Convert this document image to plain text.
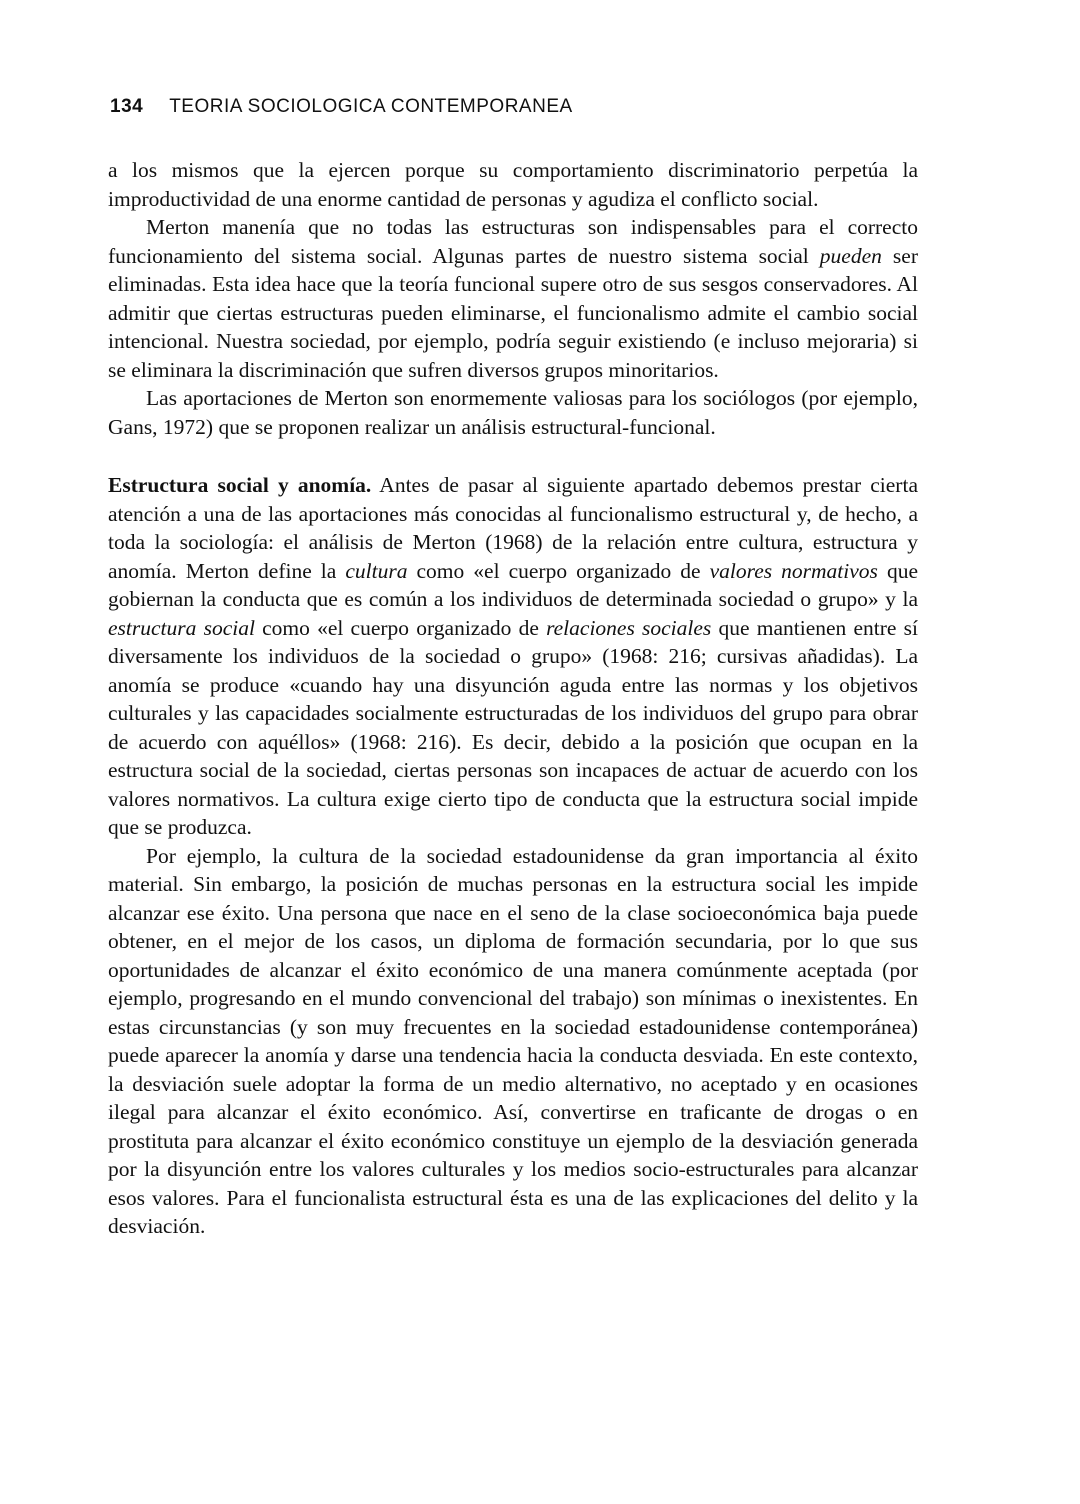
134 TEORIA SOCIOLOGICA CONTEMPORANEA

a los mismos que la ejercen porque su comportamiento discriminatorio perpetúa la improductividad de una enorme cantidad de personas y agudiza el conflicto social.

Merton manenía que no todas las estructuras son indispensables para el correcto funcionamiento del sistema social. Algunas partes de nuestro sistema social pueden ser eliminadas. Esta idea hace que la teoría funcional supere otro de sus sesgos conservadores. Al admitir que ciertas estructuras pueden eliminarse, el funcionalismo admite el cambio social intencional. Nuestra sociedad, por ejemplo, podría seguir existiendo (e incluso mejoraria) si se eliminara la discriminación que sufren diversos grupos minoritarios.

Las aportaciones de Merton son enormemente valiosas para los sociólogos (por ejemplo, Gans, 1972) que se proponen realizar un análisis estructural-funcional.

Estructura social y anomía. Antes de pasar al siguiente apartado debemos prestar cierta atención a una de las aportaciones más conocidas al funcionalismo estructural y, de hecho, a toda la sociología: el análisis de Merton (1968) de la relación entre cultura, estructura y anomía. Merton define la cultura como «el cuerpo organizado de valores normativos que gobiernan la conducta que es común a los individuos de determinada sociedad o grupo» y la estructura social como «el cuerpo organizado de relaciones sociales que mantienen entre sí diversamente los individuos de la sociedad o grupo» (1968: 216; cursivas añadidas). La anomía se produce «cuando hay una disyunción aguda entre las normas y los objetivos culturales y las capacidades socialmente estructuradas de los individuos del grupo para obrar de acuerdo con aquéllos» (1968: 216). Es decir, debido a la posición que ocupan en la estructura social de la sociedad, ciertas personas son incapaces de actuar de acuerdo con los valores normativos. La cultura exige cierto tipo de conducta que la estructura social impide que se produzca.

Por ejemplo, la cultura de la sociedad estadounidense da gran importancia al éxito material. Sin embargo, la posición de muchas personas en la estructura social les impide alcanzar ese éxito. Una persona que nace en el seno de la clase socioeconómica baja puede obtener, en el mejor de los casos, un diploma de formación secundaria, por lo que sus oportunidades de alcanzar el éxito económico de una manera comúnmente aceptada (por ejemplo, progresando en el mundo convencional del trabajo) son mínimas o inexistentes. En estas circunstancias (y son muy frecuentes en la sociedad estadounidense contemporánea) puede aparecer la anomía y darse una tendencia hacia la conducta desviada. En este contexto, la desviación suele adoptar la forma de un medio alternativo, no aceptado y en ocasiones ilegal para alcanzar el éxito económico. Así, convertirse en traficante de drogas o en prostituta para alcanzar el éxito económico constituye un ejemplo de la desviación generada por la disyunción entre los valores culturales y los medios socio-estructurales para alcanzar esos valores. Para el funcionalista estructural ésta es una de las explicaciones del delito y la desviación.
